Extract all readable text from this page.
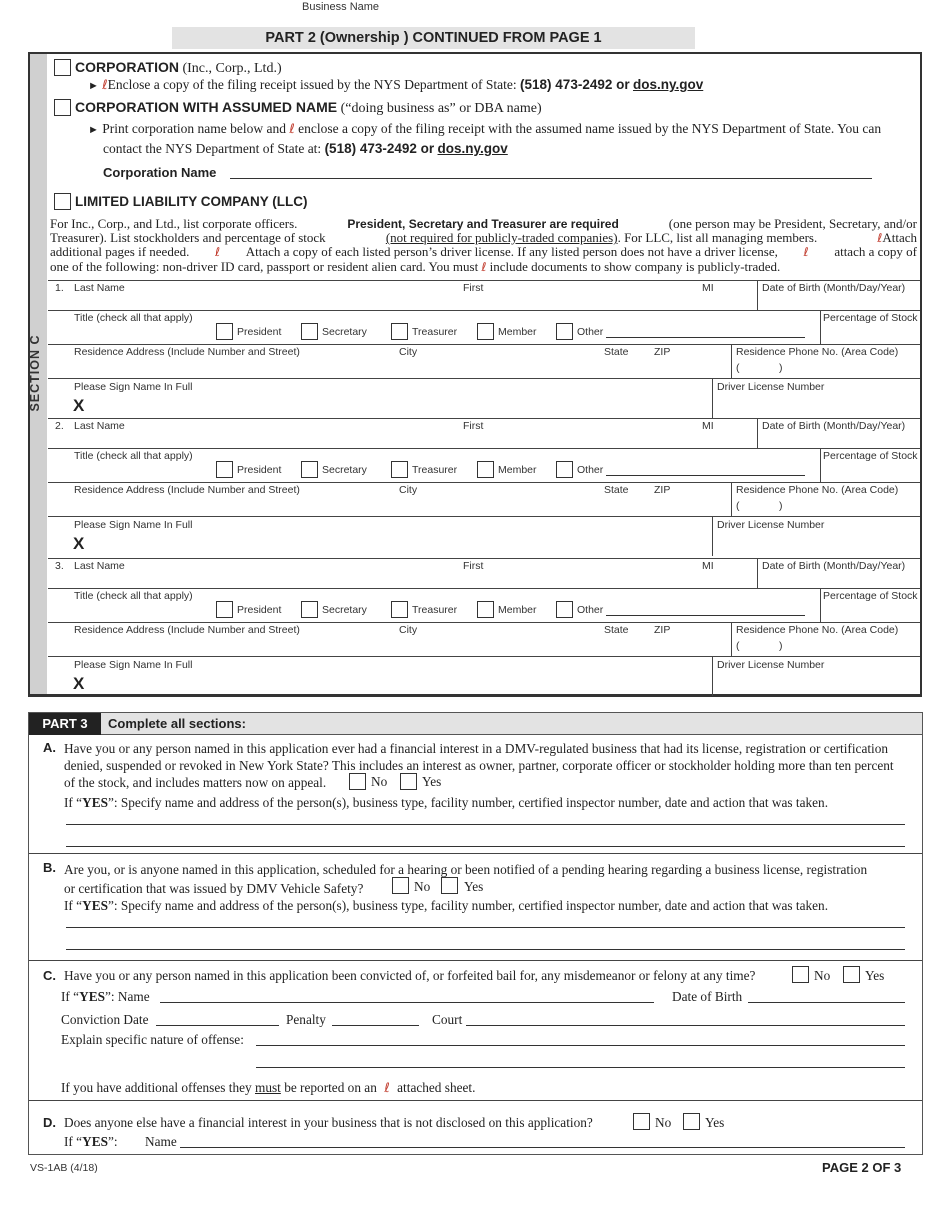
Business Name
PART 2 (Ownership ) CONTINUED FROM PAGE 1
SECTION C
CORPORATION (Inc., Corp., Ltd.)
► ℓEnclose a copy of the filing receipt issued by the NYS Department of State: (518) 473-2492 or dos.ny.gov
CORPORATION WITH ASSUMED NAME (“doing business as” or DBA name)
► Print corporation name below and ℓ enclose a copy of the filing receipt with the assumed name issued by the NYS Department of State. You can
contact the NYS Department of State at: (518) 473-2492 or dos.ny.gov
Corporation Name
LIMITED LIABILITY COMPANY (LLC)
For Inc., Corp., and Ltd., list corporate officers.	President, Secretary and Treasurer are required	(one person may be President, Secretary, and/or
Treasurer). List stockholders and percentage of stock	(not required for publicly-traded companies). For LLC, list all managing members.	ℓAttach
additional pages if needed. ℓ Attach a copy of each listed person’s driver license. If any listed person does not have a driver license, ℓ attach a copy of
one of the following: non-driver ID card, passport or resident alien card. You must ℓ include documents to show company is publicly-traded.
1. Last Name	First	MI	Date of Birth (Month/Day/Year)
Title (check all that apply)
President	Secretary	Treasurer	Member	Other
Percentage of Stock
Residence Address (Include Number and Street)	City	State ZIP	Residence Phone No. (Area Code)
(	)
Please Sign Name In Full
X
Driver License Number
2. Last Name	First	MI	Date of Birth (Month/Day/Year)
Title (check all that apply)
President	Secretary	Treasurer	Member	Other
Percentage of Stock
Residence Address (Include Number and Street)	City	State ZIP	Residence Phone No. (Area Code)
(	)
Please Sign Name In Full
X
Driver License Number
3. Last Name	First	MI	Date of Birth (Month/Day/Year)
Title (check all that apply)
President	Secretary	Treasurer	Member	Other
Percentage of Stock
Residence Address (Include Number and Street)	City	State ZIP	Residence Phone No. (Area Code)
(	)
Please Sign Name In Full
X
Driver License Number
PART 3	Complete all sections:
A. Have you or any person named in this application ever had a financial interest in a DMV-regulated business that had its license, registration or certification
denied, suspended or revoked in New York State? This includes an interest as owner, partner, corporate officer or stockholder holding more than ten percent
of the stock, and includes matters now on appeal.	No	Yes
If “YES”: Specify name and address of the person(s), business type, facility number, certified inspector number, date and action that was taken.
B. Are you, or is anyone named in this application, scheduled for a hearing or been notified of a pending hearing regarding a business license, registration
or certification that was issued by DMV Vehicle Safety?	No	Yes
If “YES”: Specify name and address of the person(s), business type, facility number, certified inspector number, date and action that was taken.
C. Have you or any person named in this application been convicted of, or forfeited bail for, any misdemeanor or felony at any time?	No	Yes
If “YES”: Name	Date of Birth
Conviction Date	Penalty	Court
Explain specific nature of offense:
If you have additional offenses they must be reported on an  ℓ  attached sheet.
D. Does anyone else have a financial interest in your business that is not disclosed on this application?	No	Yes
If “YES”: Name
VS-1AB (4/18)	PAGE 2 OF 3
